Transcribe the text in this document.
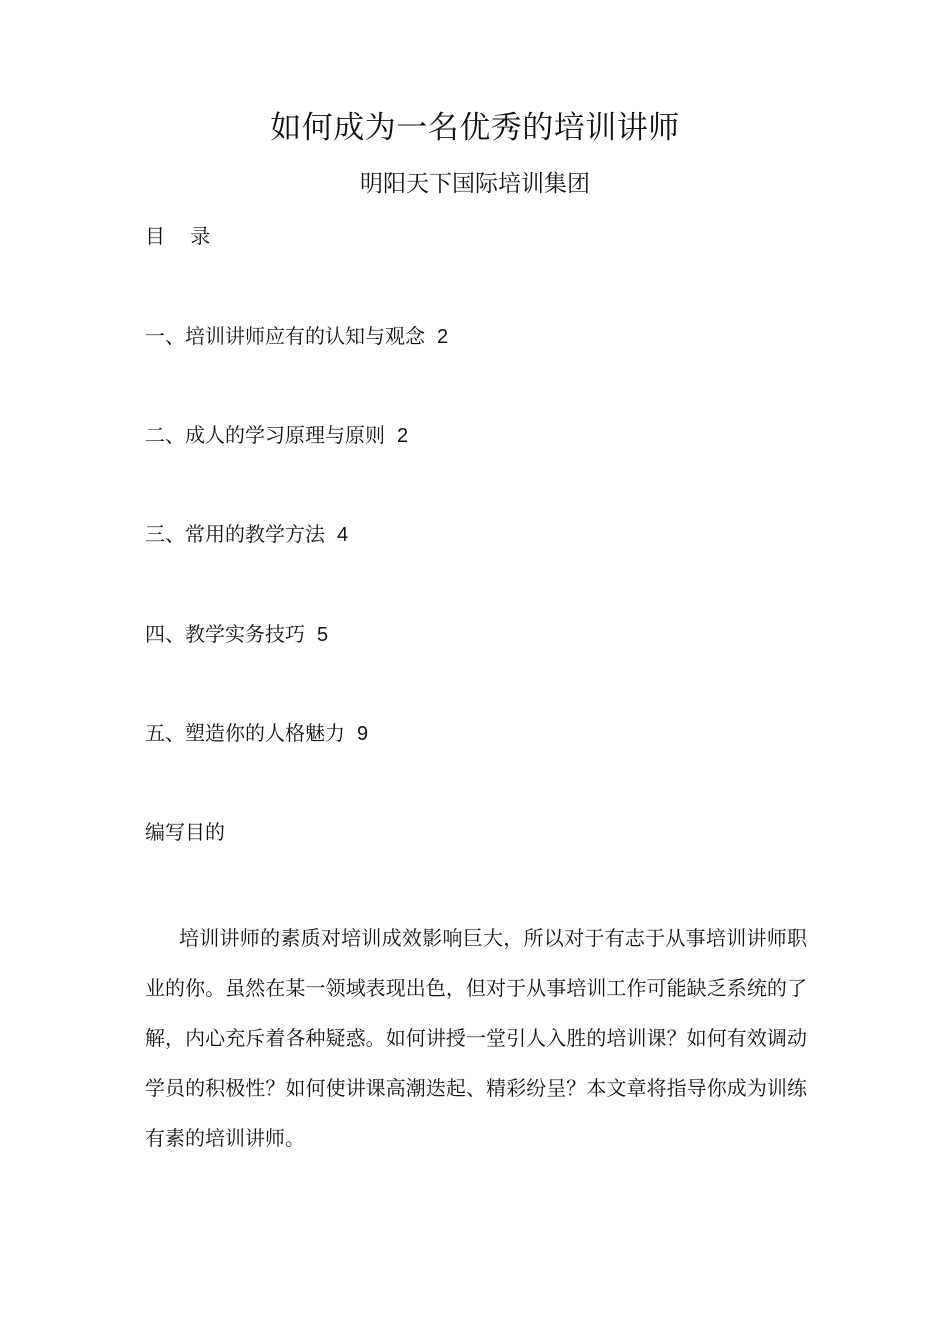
如何成为一名优秀的培训讲师
明阳天下国际培训集团
目    录
一、培训讲师应有的认知与观念 2
二、成人的学习原理与原则 2
三、常用的教学方法 4
四、教学实务技巧 5
五、塑造你的人格魅力 9
编写目的
培训讲师的素质对培训成效影响巨大，所以对于有志于从事培训讲师职业的你。虽然在某一领域表现出色，但对于从事培训工作可能缺乏系统的了解，内心充斥着各种疑惑。如何讲授一堂引人入胜的培训课？如何有效调动学员的积极性？如何使讲课高潮迭起、精彩纷呈？本文章将指导你成为训练有素的培训讲师。
